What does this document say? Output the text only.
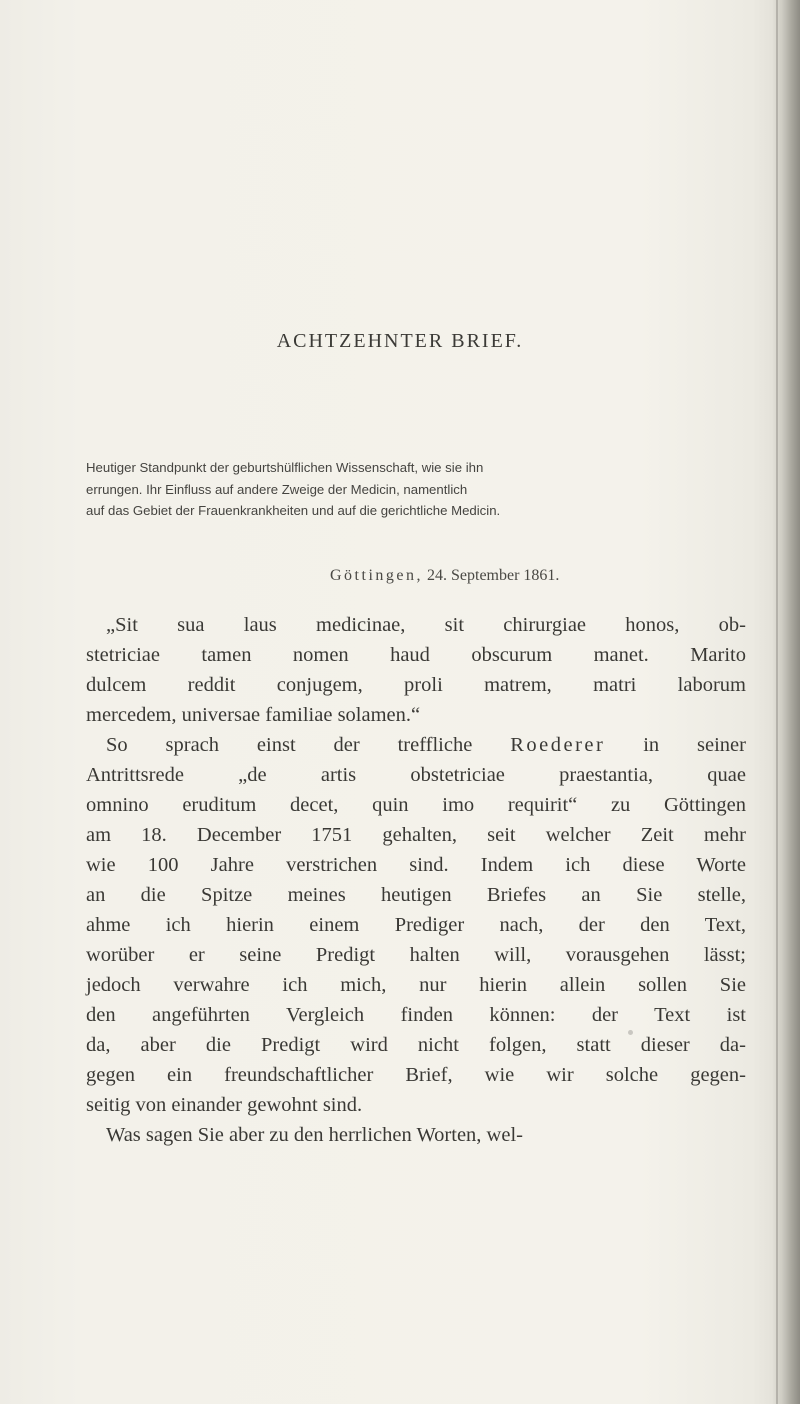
ACHTZEHNTER BRIEF.
Heutiger Standpunkt der geburtshülflichen Wissenschaft, wie sie ihn
errungen. Ihr Einfluss auf andere Zweige der Medicin, namentlich
auf das Gebiet der Frauenkrankheiten und auf die gerichtliche Medicin.
Göttingen, 24. September 1861.
„Sit sua laus medicinae, sit chirurgiae honos, ob-
stetriciae tamen nomen haud obscurum manet. Marito
dulcem reddit conjugem, proli matrem, matri laborum
mercedem, universae familiae solamen.“
So sprach einst der treffliche Roederer in seiner
Antrittsrede „de artis obstetriciae praestantia, quae
omnino eruditum decet, quin imo requirit“ zu Göttingen
am 18. December 1751 gehalten, seit welcher Zeit mehr
wie 100 Jahre verstrichen sind. Indem ich diese Worte
an die Spitze meines heutigen Briefes an Sie stelle,
ahme ich hierin einem Prediger nach, der den Text,
worüber er seine Predigt halten will, vorausgehen lässt;
jedoch verwahre ich mich, nur hierin allein sollen Sie
den angeführten Vergleich finden können: der Text ist
da, aber die Predigt wird nicht folgen, statt dieser da-
gegen ein freundschaftlicher Brief, wie wir solche gegen-
seitig von einander gewohnt sind.
Was sagen Sie aber zu den herrlichen Worten, wel-
